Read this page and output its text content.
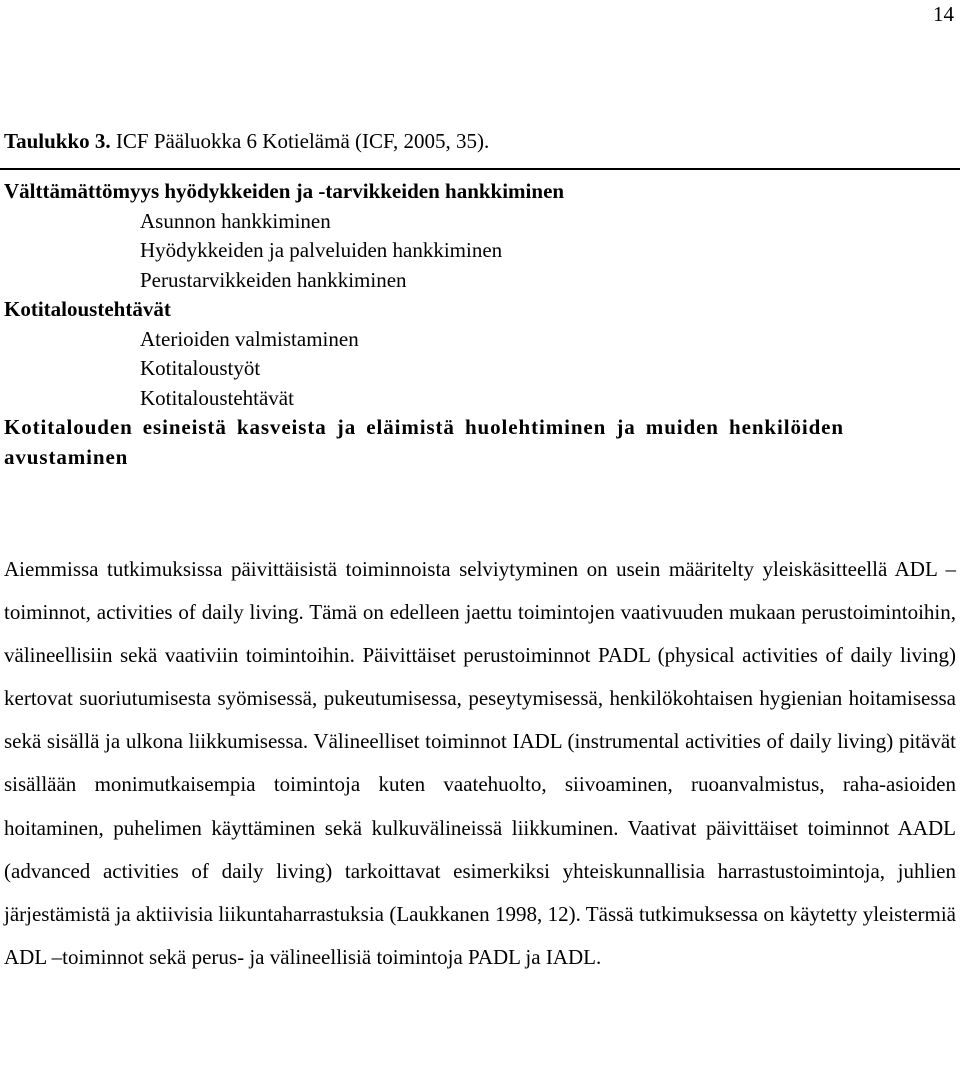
14
Taulukko 3. ICF Pääluokka 6 Kotielämä (ICF, 2005, 35).
Välttämättömyys hyödykkeiden ja -tarvikkeiden hankkiminen
Asunnon hankkiminen
Hyödykkeiden ja palveluiden hankkiminen
Perustarvikkeiden hankkiminen
Kotitaloustehtävät
Aterioiden valmistaminen
Kotitaloustyöt
Kotitaloustehtävät
Kotitalouden esineistä kasveista ja eläimistä huolehtiminen ja muiden henkilöiden avustaminen

Aiemmissa tutkimuksissa päivittäisistä toiminnoista selviytyminen on usein määritelty yleiskäsitteellä ADL –toiminnot, activities of daily living. Tämä on edelleen jaettu toimintojen vaativuuden mukaan perustoimintoihin, välineellisiin sekä vaativiin toimintoihin. Päivittäiset perustoiminnot PADL (physical activities of daily living) kertovat suoriutumisesta syömisessä, pukeutumisessa, peseytymisessä, henkilökohtaisen hygienian hoitamisessa sekä sisällä ja ulkona liikkumisessa. Välineelliset toiminnot IADL (instrumental activities of daily living) pitävät sisällään monimutkaisempia toimintoja kuten vaatehuolto, siivoaminen, ruoanvalmistus, raha-asioiden hoitaminen, puhelimen käyttäminen sekä kulkuvälineissä liikkuminen. Vaativat päivittäiset toiminnot AADL (advanced activities of daily living) tarkoittavat esimerkiksi yhteiskunnallisia harrastustoimintoja, juhlien järjestämistä ja aktiivisia liikuntaharrastuksia (Laukkanen 1998, 12). Tässä tutkimuksessa on käytetty yleistermiä ADL –toiminnot sekä perus- ja välineellisiä toimintoja PADL ja IADL.
